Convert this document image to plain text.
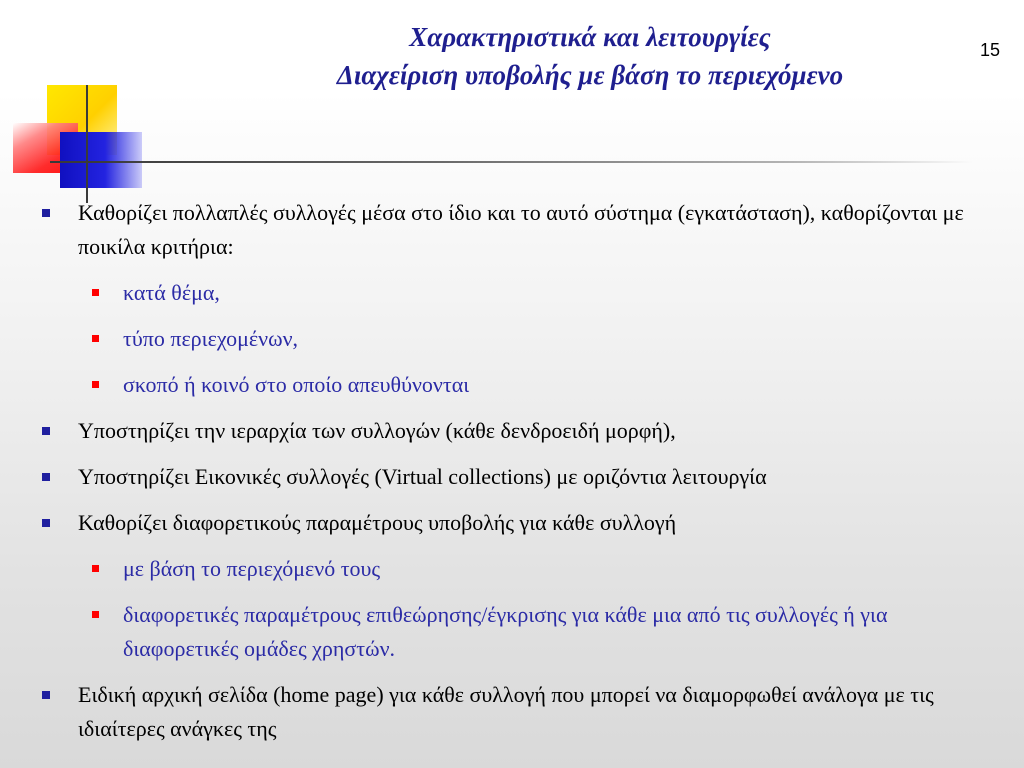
Χαρακτηριστικά και λειτουργίες
Διαχείριση υποβολής με βάση το περιεχόμενο
15
Καθορίζει πολλαπλές συλλογές μέσα στο ίδιο και το αυτό σύστημα (εγκατάσταση), καθορίζονται με ποικίλα κριτήρια:
κατά θέμα,
τύπο περιεχομένων,
σκοπό ή κοινό στο οποίο απευθύνονται
Υποστηρίζει την ιεραρχία των συλλογών (κάθε δενδροειδή μορφή),
Υποστηρίζει Εικονικές συλλογές (Virtual collections) με οριζόντια λειτουργία
Καθορίζει διαφορετικούς παραμέτρους υποβολής για κάθε συλλογή
με βάση το περιεχόμενό τους
διαφορετικές παραμέτρους επιθεώρησης/έγκρισης για κάθε μια από τις συλλογές ή για διαφορετικές ομάδες χρηστών.
Ειδική αρχική σελίδα (home page) για κάθε συλλογή που μπορεί να διαμορφωθεί ανάλογα με τις ιδιαίτερες ανάγκες της
